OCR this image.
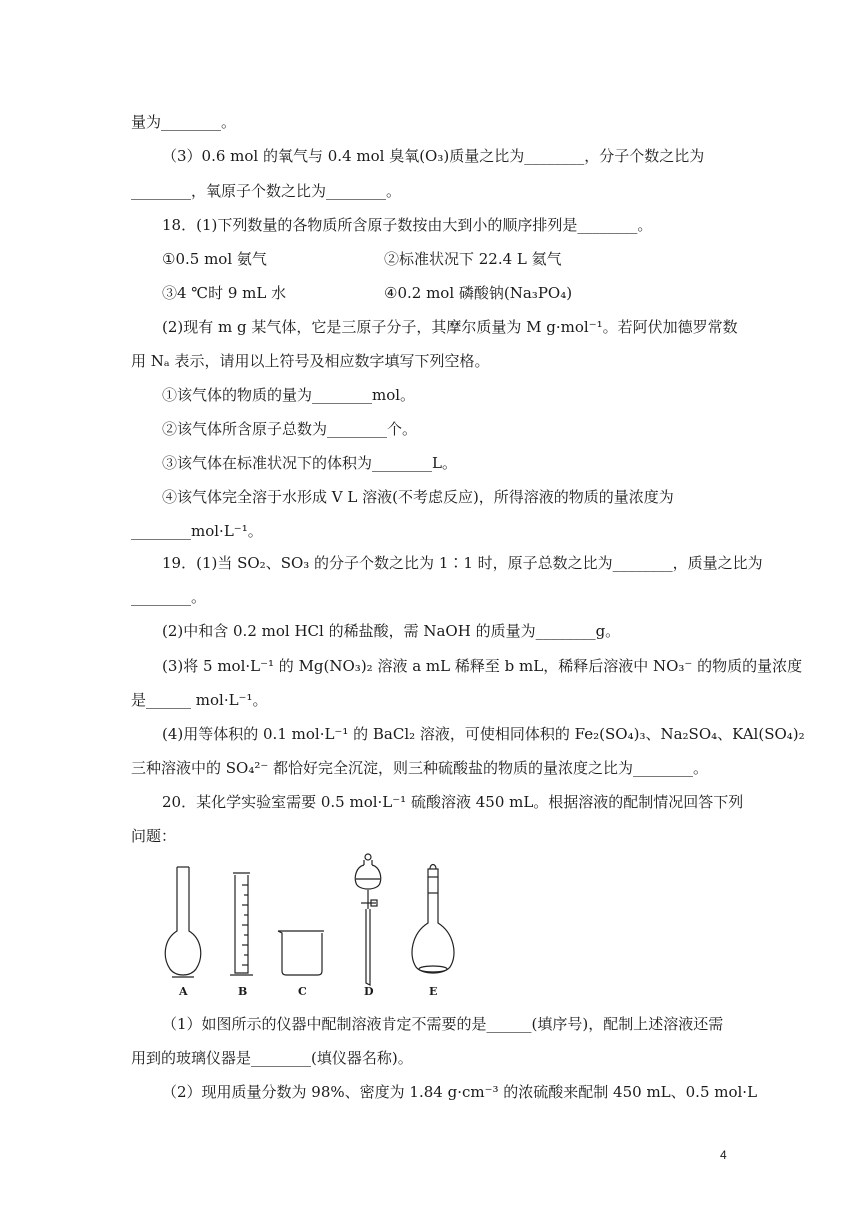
量为________。
（3）0.6 mol 的氧气与 0.4 mol 臭氧(O₃)质量之比为________，分子个数之比为
________，氧原子个数之比为________。
18．(1)下列数量的各物质所含原子数按由大到小的顺序排列是________。
①0.5 mol 氨气	②标准状况下 22.4 L 氦气
③4 ℃时 9 mL 水	④0.2 mol 磷酸钠(Na₃PO₄)
(2)现有 m g 某气体，它是三原子分子，其摩尔质量为 M g·mol⁻¹。若阿伏加德罗常数
用 Nₐ 表示，请用以上符号及相应数字填写下列空格。
①该气体的物质的量为________mol。
②该气体所含原子总数为________个。
③该气体在标准状况下的体积为________L。
④该气体完全溶于水形成 V L 溶液(不考虑反应)，所得溶液的物质的量浓度为
________mol·L⁻¹。
19．(1)当 SO₂、SO₃ 的分子个数之比为 1∶1 时，原子总数之比为________，质量之比为
________。
(2)中和含 0.2 mol HCl 的稀盐酸，需 NaOH 的质量为________g。
(3)将 5 mol·L⁻¹ 的 Mg(NO₃)₂ 溶液 a mL 稀释至 b mL，稀释后溶液中 NO₃⁻ 的物质的量浓度
是______ mol·L⁻¹。
(4)用等体积的 0.1 mol·L⁻¹ 的 BaCl₂ 溶液，可使相同体积的 Fe₂(SO₄)₃、Na₂SO₄、KAl(SO₄)₂
三种溶液中的 SO₄²⁻ 都恰好完全沉淀，则三种硫酸盐的物质的量浓度之比为________。
20．某化学实验室需要 0.5 mol·L⁻¹ 硫酸溶液 450 mL。根据溶液的配制情况回答下列
问题：
A	B	C	D	E
（1）如图所示的仪器中配制溶液肯定不需要的是______(填序号)，配制上述溶液还需
用到的玻璃仪器是________(填仪器名称)。
（2）现用质量分数为 98%、密度为 1.84 g·cm⁻³ 的浓硫酸来配制 450 mL、0.5 mol·L
4
